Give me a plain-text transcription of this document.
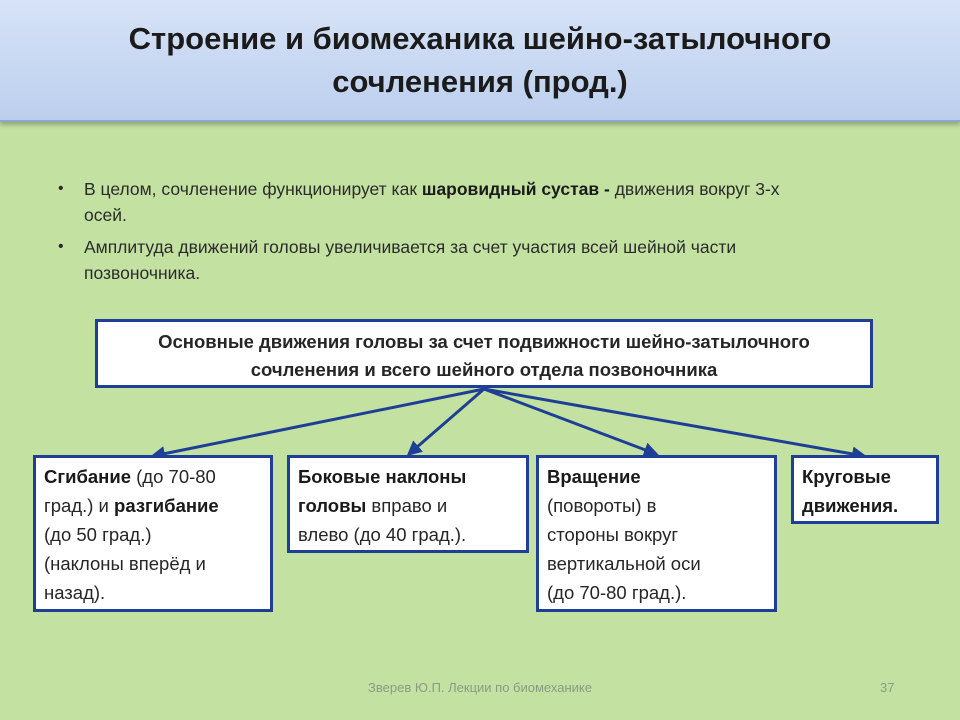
Строение и биомеханика шейно-затылочного
сочленения (прод.)
• В целом, сочленение функционирует как шаровидный сустав - движения вокруг 3-х
осей.
• Амплитуда движений головы увеличивается за счет участия всей шейной части
позвоночника.
Основные движения головы за счет подвижности шейно-затылочного
сочленения и всего шейного отдела позвоночника
Сгибание (до 70-80
град.) и разгибание
(до 50 град.)
(наклоны вперёд и
назад).
Боковые наклоны
головы вправо и
влево (до 40 град.).
Вращение
(повороты) в
стороны вокруг
вертикальной оси
(до 70-80 град.).
Круговые
движения.
Зверев Ю.П. Лекции по биомеханике	37
